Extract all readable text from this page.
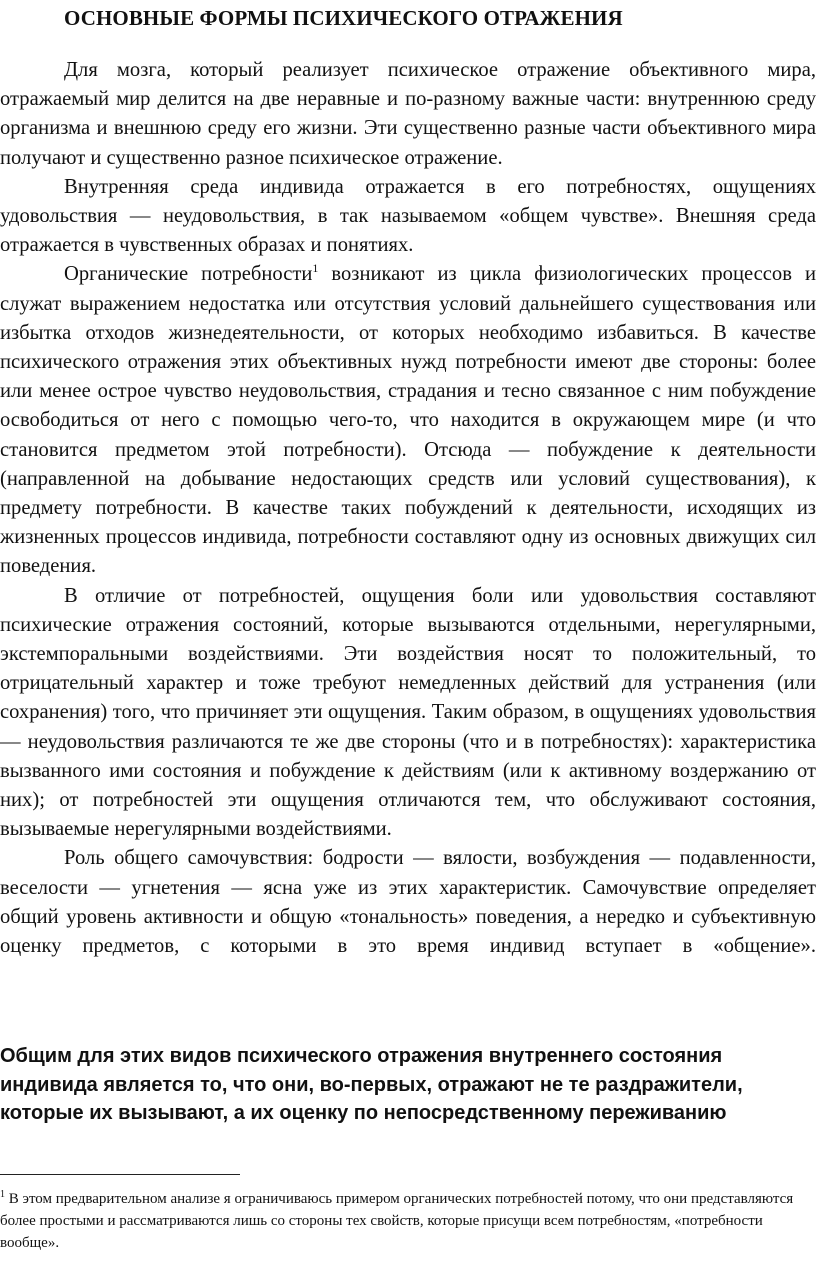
ОСНОВНЫЕ ФОРМЫ ПСИХИЧЕСКОГО ОТРАЖЕНИЯ

Для мозга, который реализует психическое отражение объективного мира, отражаемый мир делится на две неравные и по-разному важные части: внутреннюю среду организма и внешнюю среду его жизни. Эти существенно разные части объективного мира получают и существенно разное психическое отражение.

Внутренняя среда индивида отражается в его потребностях, ощущениях удовольствия — неудовольствия, в так называемом «общем чувстве». Внешняя среда отражается в чувственных образах и понятиях.

Органические потребности$^1$ возникают из цикла физиологических процессов и служат выражением недостатка или отсутствия условий дальнейшего существования или избытка отходов жизнедеятельности, от которых необходимо избавиться. В качестве психического отражения этих объективных нужд потребности имеют две стороны: более или менее острое чувство неудовольствия, страдания и тесно связанное с ним побуждение освободиться от него с помощью чего-то, что находится в окружающем мире (и что становится предметом этой потребности). Отсюда — побуждение к деятельности (направленной на добывание недостающих средств или условий существования), к предмету потребности. В качестве таких побуждений к деятельности, исходящих из жизненных процессов индивида, потребности составляют одну из основных движущих сил поведения.

В отличие от потребностей, ощущения боли или удовольствия составляют психические отражения состояний, которые вызываются отдельными, нерегулярными, экстемпоральными воздействиями. Эти воздействия носят то положительный, то отрицательный характер и тоже требуют немедленных действий для устранения (или сохранения) того, что причиняет эти ощущения. Таким образом, в ощущениях удовольствия — неудовольствия различаются те же две стороны (что и в потребностях): характеристика вызванного ими состояния и побуждение к действиям (или к активному воздержанию от них); от потребностей эти ощущения отличаются тем, что обслуживают состояния, вызываемые нерегулярными воздействиями.

Роль общего самочувствия: бодрости — вялости, возбуждения — подавленности, веселости — угнетения — ясна уже из этих характеристик. Самочувствие определяет общий уровень активности и общую «тональность» поведения, а нередко и субъективную оценку предметов, с которыми в это время индивид вступает в «общение».

Общим для этих видов психического отражения внутреннего состояния

индивида является то, что они, во-первых, отражают не те раздражители,

которые их вызывают, а их оценку по непосредственному переживанию

$^1$ В этом предварительном анализе я ограничиваюсь примером органических потребностей потому, что они представляются более простыми и рассматриваются лишь со стороны тех свойств, которые присущи всем потребностям, «потребности вообще».
